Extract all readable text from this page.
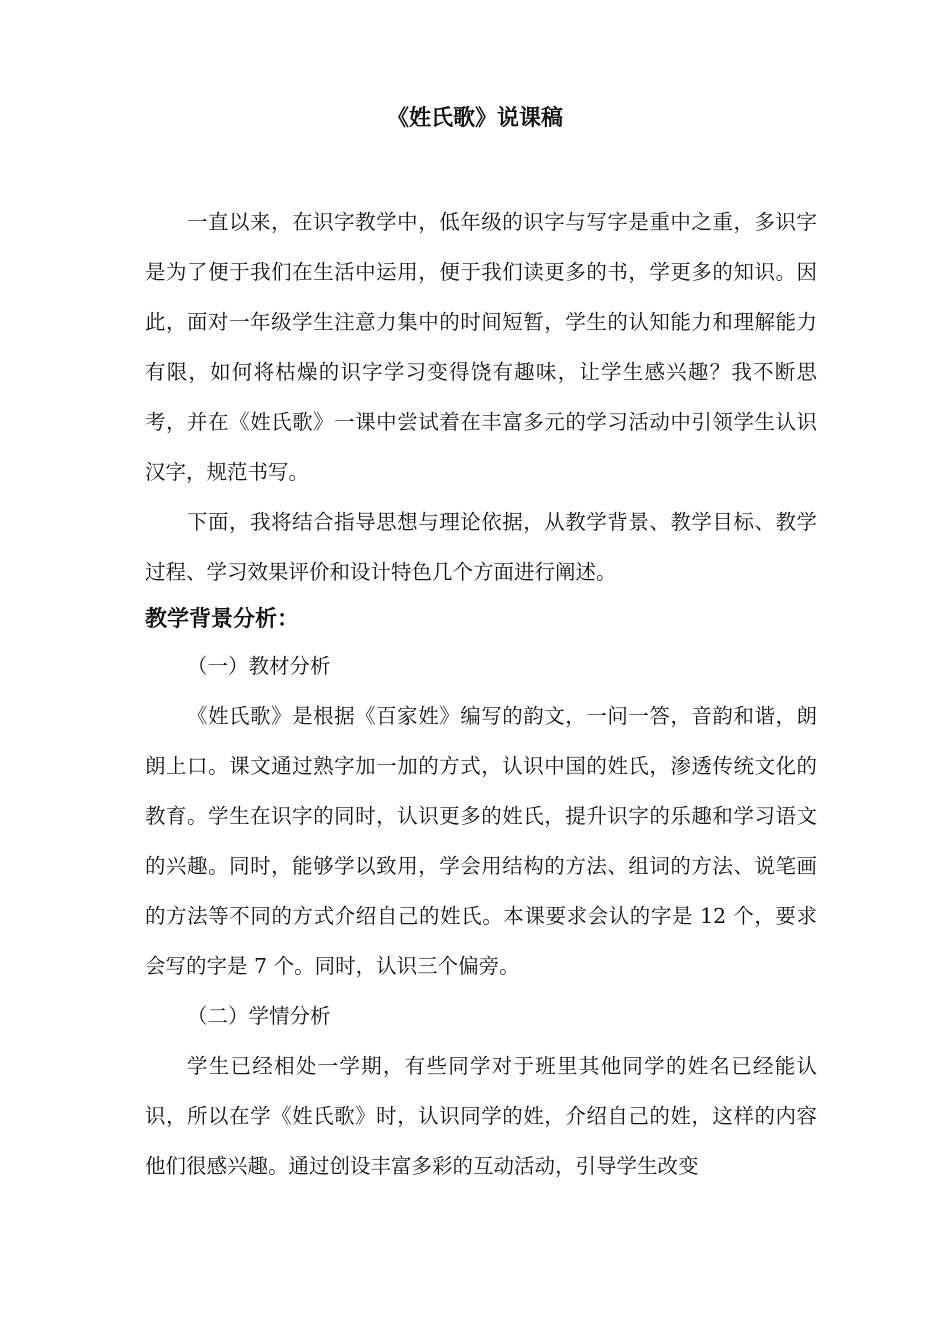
《姓氏歌》说课稿

一直以来，在识字教学中，低年级的识字与写字是重中之重，多识字是为了便于我们在生活中运用，便于我们读更多的书，学更多的知识。因此，面对一年级学生注意力集中的时间短暂，学生的认知能力和理解能力有限，如何将枯燥的识字学习变得饶有趣味，让学生感兴趣？我不断思考，并在《姓氏歌》一课中尝试着在丰富多元的学习活动中引领学生认识汉字，规范书写。

下面，我将结合指导思想与理论依据，从教学背景、教学目标、教学过程、学习效果评价和设计特色几个方面进行阐述。

教学背景分析：

（一）教材分析

《姓氏歌》是根据《百家姓》编写的韵文，一问一答，音韵和谐，朗朗上口。课文通过熟字加一加的方式，认识中国的姓氏，渗透传统文化的教育。学生在识字的同时，认识更多的姓氏，提升识字的乐趣和学习语文的兴趣。同时，能够学以致用，学会用结构的方法、组词的方法、说笔画的方法等不同的方式介绍自己的姓氏。本课要求会认的字是 12 个，要求会写的字是 7 个。同时，认识三个偏旁。

（二）学情分析

学生已经相处一学期，有些同学对于班里其他同学的姓名已经能认识，所以在学《姓氏歌》时，认识同学的姓，介绍自己的姓，这样的内容他们很感兴趣。通过创设丰富多彩的互动活动，引导学生改变
